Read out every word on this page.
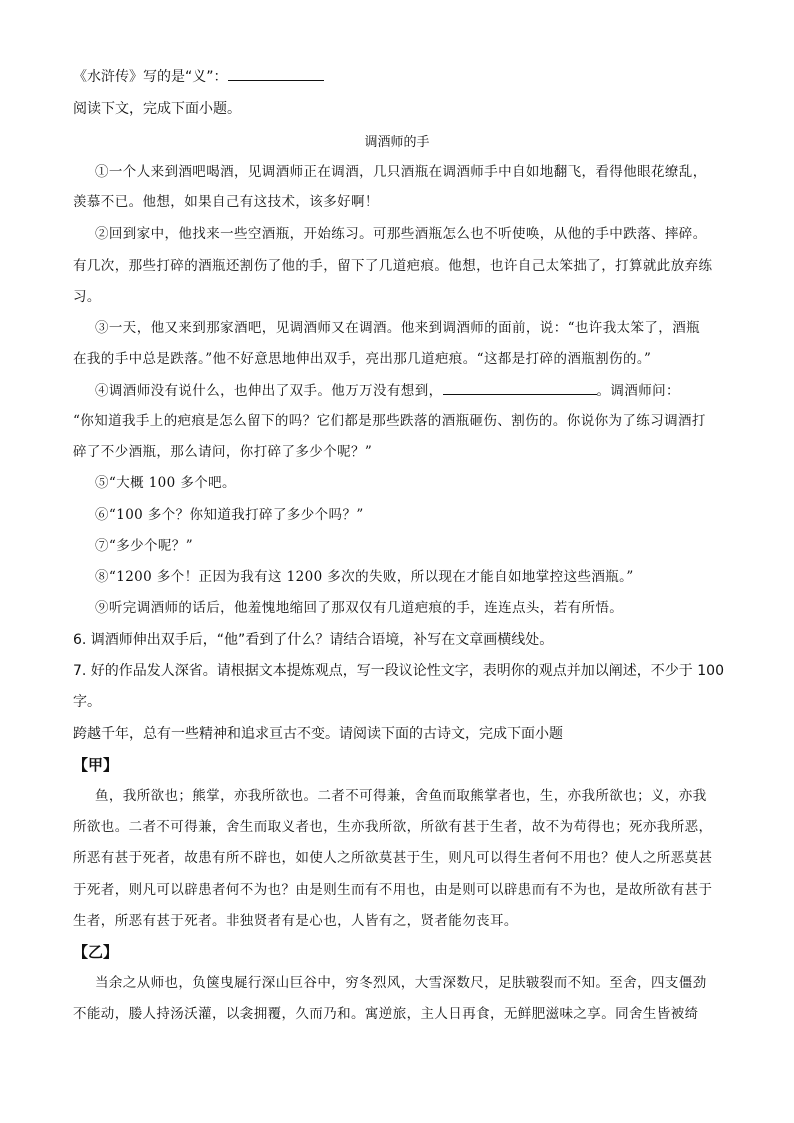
《水浒传》写的是“义”：
阅读下文，完成下面小题。
调酒师的手
①一个人来到酒吧喝酒，见调酒师正在调酒，几只酒瓶在调酒师手中自如地翻飞，看得他眼花缭乱，
羡慕不已。他想，如果自己有这技术，该多好啊！
②回到家中，他找来一些空酒瓶，开始练习。可那些酒瓶怎么也不听使唤，从他的手中跌落、摔碎。
有几次，那些打碎的酒瓶还割伤了他的手，留下了几道疤痕。他想，也许自己太笨拙了，打算就此放弃练
习。
③一天，他又来到那家酒吧，见调酒师又在调酒。他来到调酒师的面前，说：“也许我太笨了，酒瓶
在我的手中总是跌落。”他不好意思地伸出双手，亮出那几道疤痕。“这都是打碎的酒瓶割伤的。”
④调酒师没有说什么，也伸出了双手。他万万没有想到，	。调酒师问：
“你知道我手上的疤痕是怎么留下的吗？它们都是那些跌落的酒瓶砸伤、割伤的。你说你为了练习调酒打
碎了不少酒瓶，那么请问，你打碎了多少个呢？”
⑤“大概 100 多个吧。
⑥“100 多个？你知道我打碎了多少个吗？”
⑦“多少个呢？”
⑧“1200 多个！正因为我有这 1200 多次的失败，所以现在才能自如地掌控这些酒瓶。”
⑨听完调酒师的话后，他羞愧地缩回了那双仅有几道疤痕的手，连连点头，若有所悟。
6. 调酒师伸出双手后，“他”看到了什么？请结合语境，补写在文章画横线处。
7. 好的作品发人深省。请根据文本提炼观点，写一段议论性文字，表明你的观点并加以阐述，不少于 100
字。
跨越千年，总有一些精神和追求亘古不变。请阅读下面的古诗文，完成下面小题
【甲】
鱼，我所欲也；熊掌，亦我所欲也。二者不可得兼，舍鱼而取熊掌者也，生，亦我所欲也；义，亦我
所欲也。二者不可得兼，舍生而取义者也，生亦我所欲，所欲有甚于生者，故不为苟得也；死亦我所恶，
所恶有甚于死者，故患有所不辟也，如使人之所欲莫甚于生，则凡可以得生者何不用也？使人之所恶莫甚
于死者，则凡可以辟患者何不为也？由是则生而有不用也，由是则可以辟患而有不为也，是故所欲有甚于
生者，所恶有甚于死者。非独贤者有是心也，人皆有之，贤者能勿丧耳。
【乙】
当余之从师也，负箧曳屣行深山巨谷中，穷冬烈风，大雪深数尺，足肤皲裂而不知。至舍，四支僵劲
不能动，媵人持汤沃灌，以衾拥覆，久而乃和。寓逆旅，主人日再食，无鲜肥滋味之享。同舍生皆被绮
